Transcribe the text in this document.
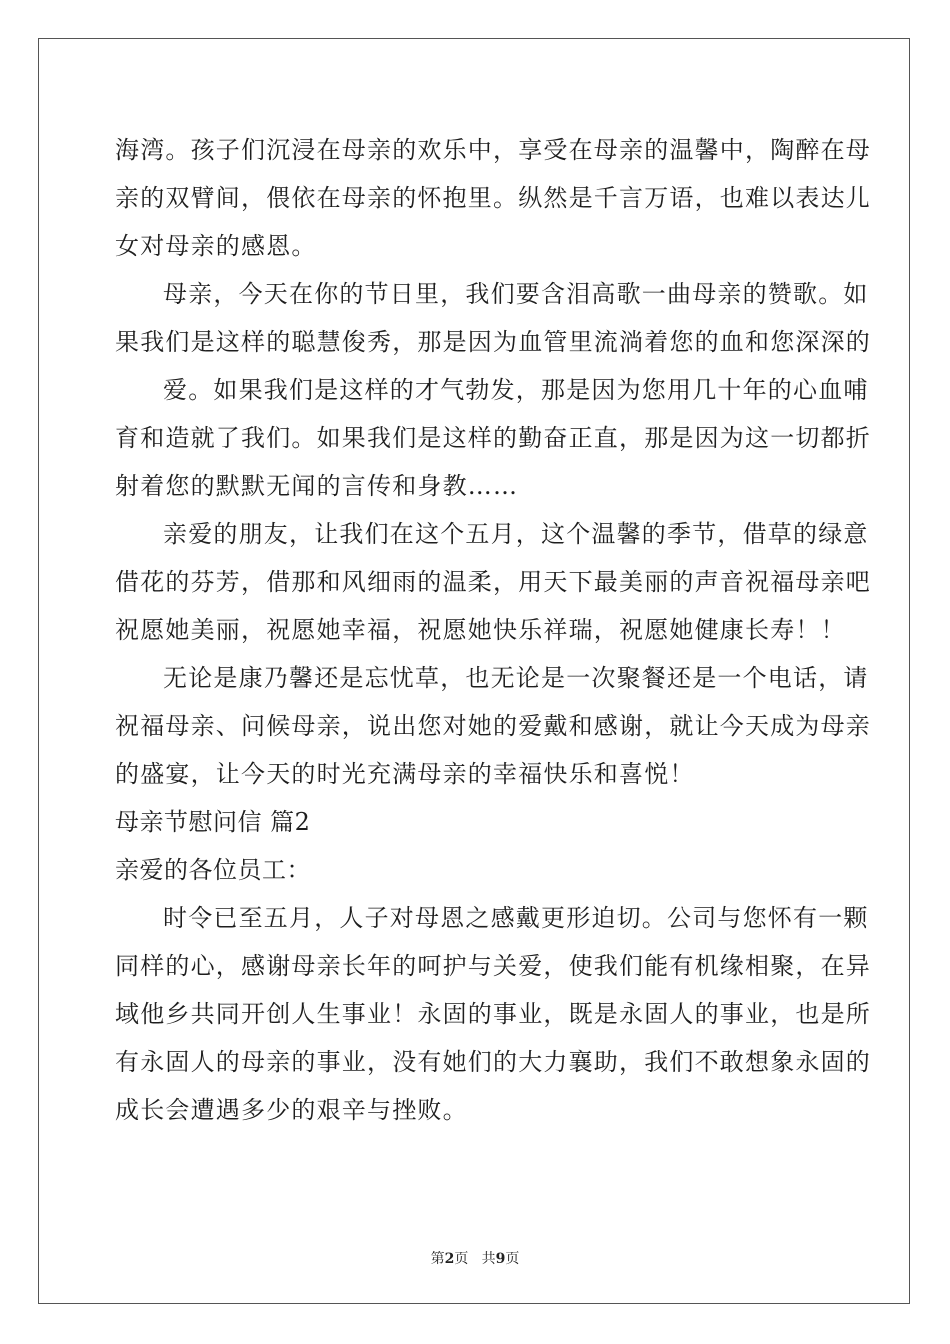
海湾。孩子们沉浸在母亲的欢乐中，享受在母亲的温馨中，陶醉在母
亲的双臂间，偎依在母亲的怀抱里。纵然是千言万语，也难以表达儿
女对母亲的感恩。
母亲，今天在你的节日里，我们要含泪高歌一曲母亲的赞歌。如
果我们是这样的聪慧俊秀，那是因为血管里流淌着您的血和您深深的
爱。如果我们是这样的才气勃发，那是因为您用几十年的心血哺
育和造就了我们。如果我们是这样的勤奋正直，那是因为这一切都折
射着您的默默无闻的言传和身教……
亲爱的朋友，让我们在这个五月，这个温馨的季节，借草的绿意
借花的芬芳，借那和风细雨的温柔，用天下最美丽的声音祝福母亲吧
祝愿她美丽，祝愿她幸福，祝愿她快乐祥瑞，祝愿她健康长寿！！
无论是康乃馨还是忘忧草，也无论是一次聚餐还是一个电话，请
祝福母亲、问候母亲，说出您对她的爱戴和感谢，就让今天成为母亲
的盛宴，让今天的时光充满母亲的幸福快乐和喜悦！
母亲节慰问信 篇2
亲爱的各位员工：
时令已至五月，人子对母恩之感戴更形迫切。公司与您怀有一颗
同样的心，感谢母亲长年的呵护与关爱，使我们能有机缘相聚，在异
域他乡共同开创人生事业！永固的事业，既是永固人的事业，也是所
有永固人的母亲的事业，没有她们的大力襄助，我们不敢想象永固的
成长会遭遇多少的艰辛与挫败。
第2页 共9页
